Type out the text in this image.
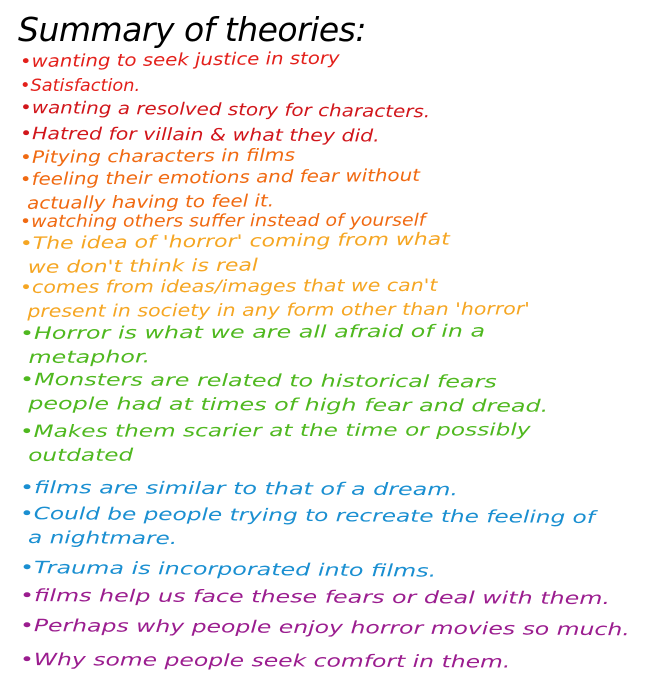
Summary of theories:
•wanting to seek justice in story
•Satisfaction.
•wanting a resolved story for characters.
•Hatred for villain & what they did.
•Pitying characters in films
•feeling their emotions and fear without
actually having to feel it.
•watching others suffer instead of yourself
•The idea of 'horror' coming from what
we don't think is real
•comes from ideas/images that we can't
present in society in any form other than 'horror'
•Horror is what we are all afraid of in a
metaphor.
•Monsters are related to historical fears
people had at times of high fear and dread.
•Makes them scarier at the time or possibly
outdated
•films are similar to that of a dream.
•Could be people trying to recreate the feeling of
a nightmare.
•Trauma is incorporated into films.
•films help us face these fears or deal with them.
•Perhaps why people enjoy horror movies so much.
•Why some people seek comfort in them.
